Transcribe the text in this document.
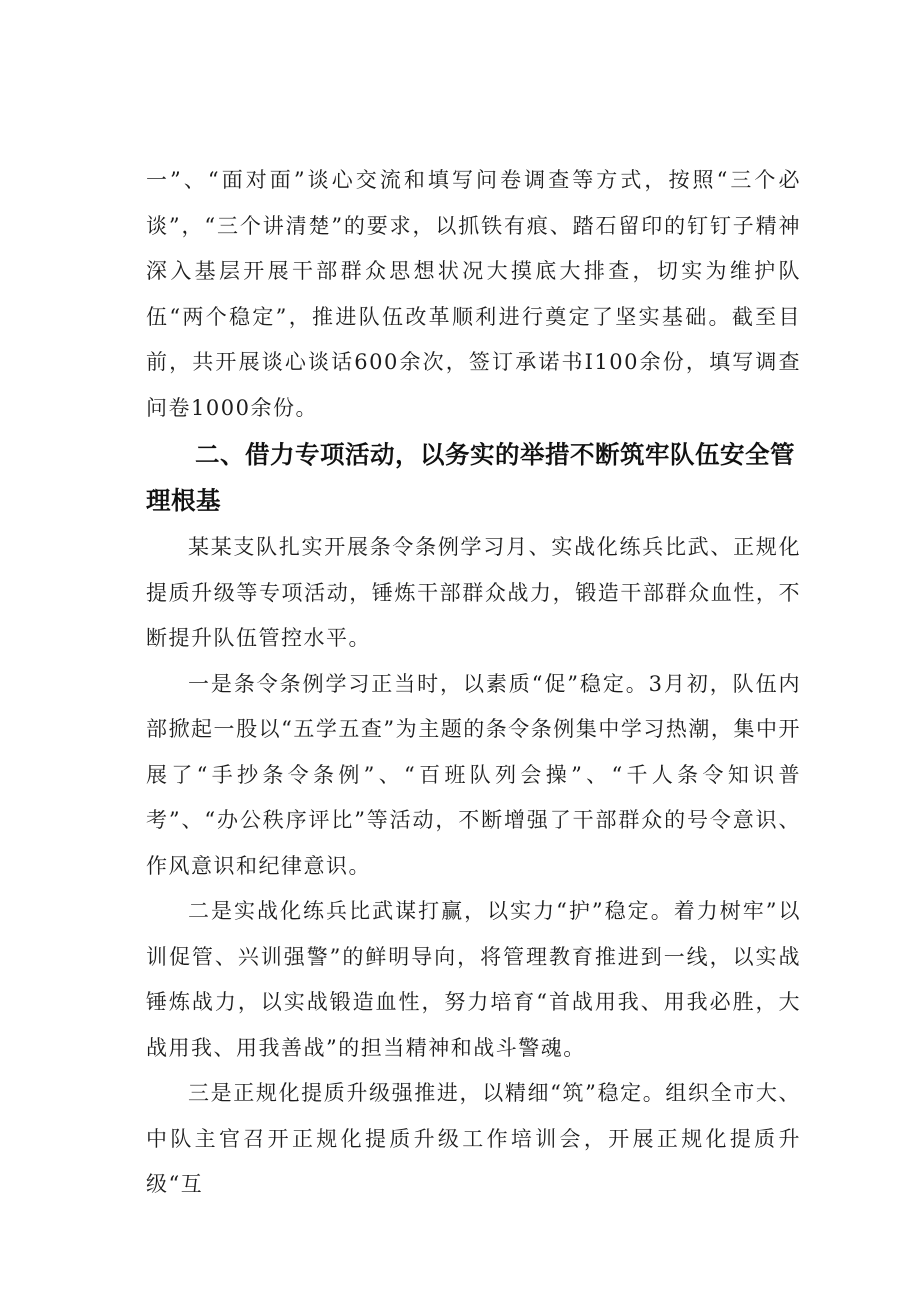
一”、“面对面”谈心交流和填写问卷调查等方式，按照“三个必谈”，“三个讲清楚”的要求，以抓铁有痕、踏石留印的钉钉子精神深入基层开展干部群众思想状况大摸底大排查，切实为维护队伍“两个稳定”，推进队伍改革顺利进行奠定了坚实基础。截至目前，共开展谈心谈话600余次，签订承诺书I100余份，填写调查问卷1000余份。

二、借力专项活动，以务实的举措不断筑牢队伍安全管理根基

某某支队扎实开展条令条例学习月、实战化练兵比武、正规化提质升级等专项活动，锤炼干部群众战力，锻造干部群众血性，不断提升队伍管控水平。

一是条令条例学习正当时，以素质“促”稳定。3月初，队伍内部掀起一股以“五学五查”为主题的条令条例集中学习热潮，集中开展了“手抄条令条例”、“百班队列会操”、“千人条令知识普考”、“办公秩序评比”等活动，不断增强了干部群众的号令意识、作风意识和纪律意识。

二是实战化练兵比武谋打赢，以实力“护”稳定。着力树牢”以训促管、兴训强警”的鲜明导向，将管理教育推进到一线，以实战锤炼战力，以实战锻造血性，努力培育“首战用我、用我必胜，大战用我、用我善战”的担当精神和战斗警魂。

三是正规化提质升级强推进，以精细“筑”稳定。组织全市大、中队主官召开正规化提质升级工作培训会，开展正规化提质升级“互
